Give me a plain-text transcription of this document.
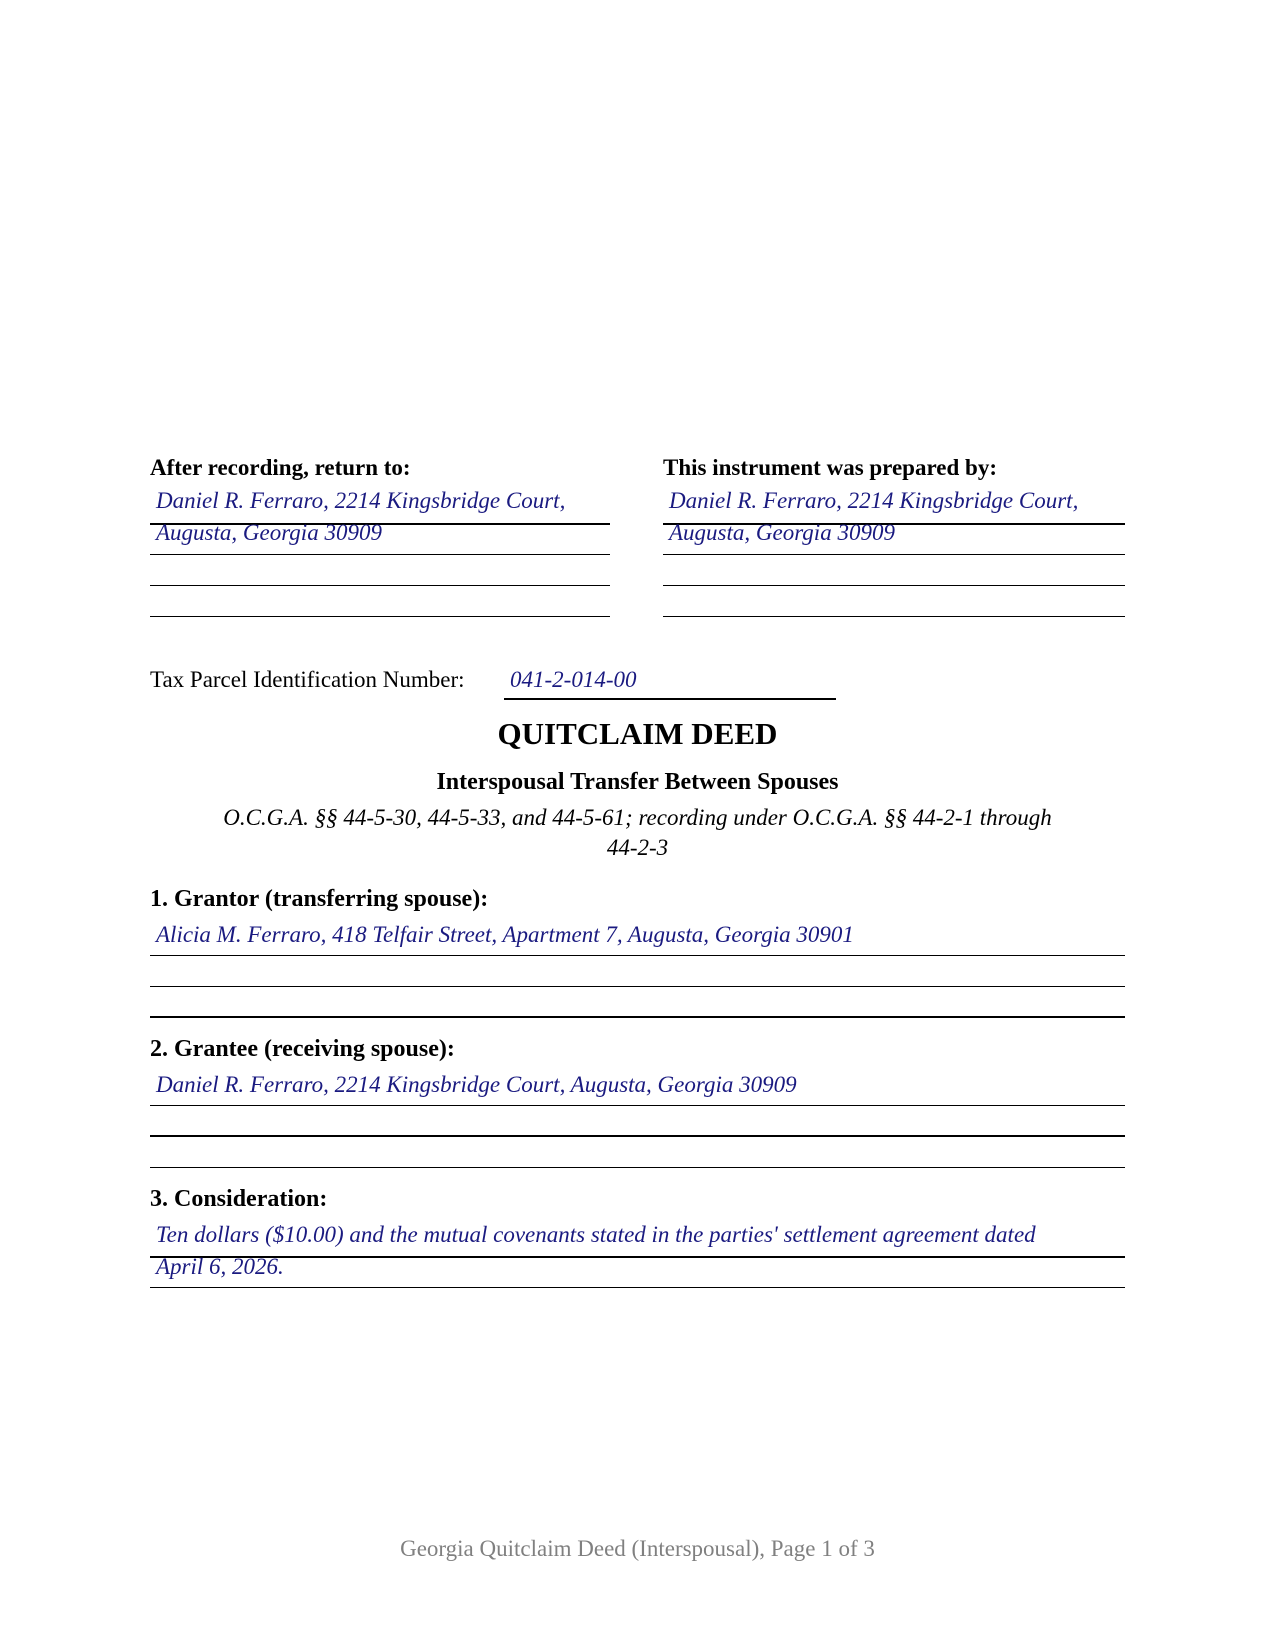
After recording, return to:
Daniel R. Ferraro, 2214 Kingsbridge Court,
Augusta, Georgia 30909
This instrument was prepared by:
Daniel R. Ferraro, 2214 Kingsbridge Court,
Augusta, Georgia 30909
Tax Parcel Identification Number: 041-2-014-00
QUITCLAIM DEED
Interspousal Transfer Between Spouses
O.C.G.A. §§ 44-5-30, 44-5-33, and 44-5-61; recording under O.C.G.A. §§ 44-2-1 through
44-2-3
1. Grantor (transferring spouse):
Alicia M. Ferraro, 418 Telfair Street, Apartment 7, Augusta, Georgia 30901
2. Grantee (receiving spouse):
Daniel R. Ferraro, 2214 Kingsbridge Court, Augusta, Georgia 30909
3. Consideration:
Ten dollars ($10.00) and the mutual covenants stated in the parties' settlement agreement dated
April 6, 2026.
Georgia Quitclaim Deed (Interspousal), Page 1 of 3
